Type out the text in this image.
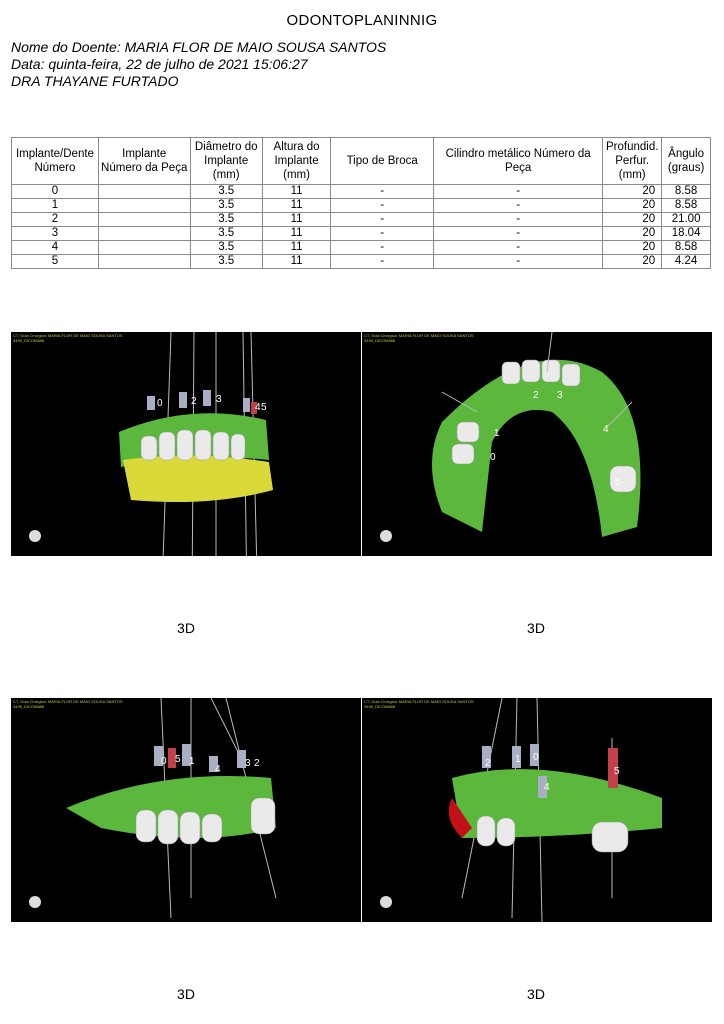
ODONTOPLANINNIG
Nome do Doente: MARIA FLOR DE MAIO SOUSA SANTOS
Data: quinta-feira, 22 de julho de 2021 15:06:27
DRA THAYANE FURTADO
Implante/Dente Número	Implante Número da Peça	Diâmetro do Implante (mm)	Altura do Implante (mm)	Tipo de Broca	Cilindro metálico Número da Peça	Profundid. Perfur. (mm)	Ângulo (graus)
0		3.5	11	-	-	20	8.58
1		3.5	11	-	-	20	8.58
2		3.5	11	-	-	20	21.00
3		3.5	11	-	-	20	18.04
4		3.5	11	-	-	20	8.58
5		3.5	11	-	-	20	4.24
0	2 3
4 5
CT, Guia Cirúrgica: MARIA FLOR DE MAIO SOUSA SANTOS
3495_DICOM888
0
1
2 3
4
5
CT, Guia Cirúrgica: MARIA FLOR DE MAIO SOUSA SANTOS
3495_DICOM888
0 5 1
4
3 2
CT, Guia Cirúrgica: MARIA FLOR DE MAIO SOUSA SANTOS
3495_DICOM888
2 1 0
4
5
CT, Guia Cirúrgica: MARIA FLOR DE MAIO SOUSA SANTOS
3495_DICOM888
3D	3D
3D	3D
